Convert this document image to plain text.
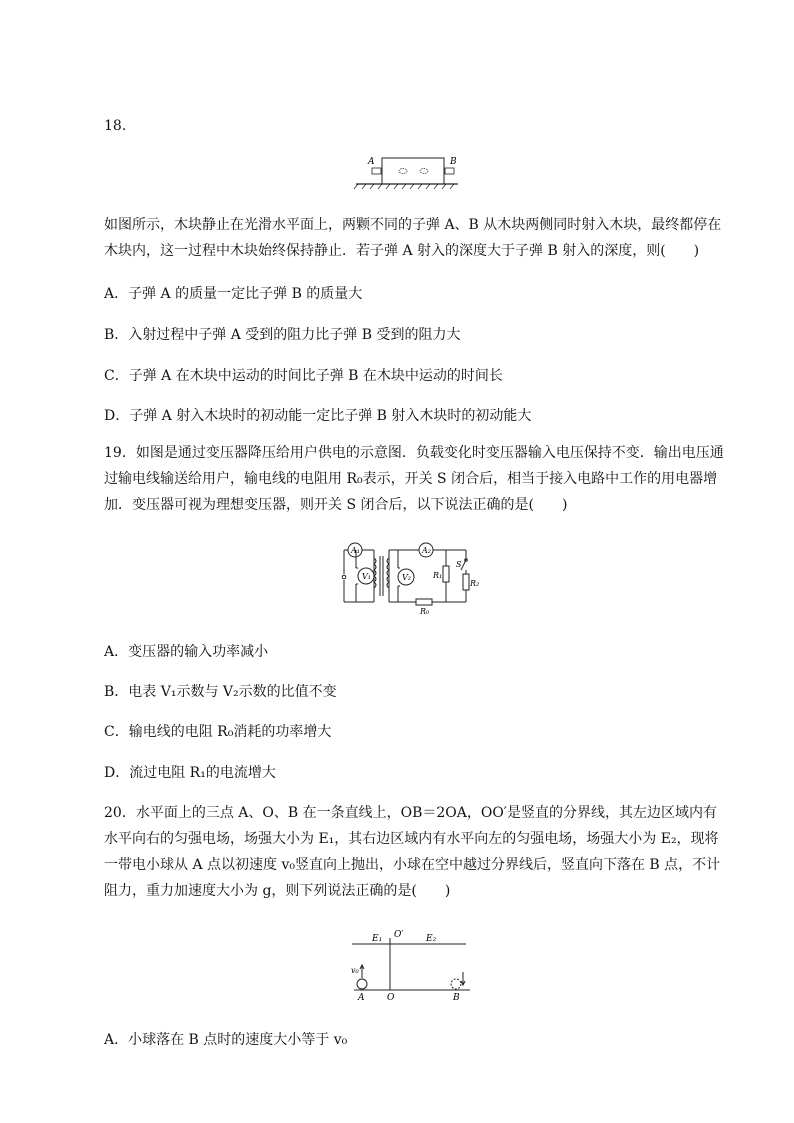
18.
A	B
如图所示，木块静止在光滑水平面上，两颗不同的子弹 A、B 从木块两侧同时射入木块，最终都停在木块内，这一过程中木块始终保持静止．若子弹 A 射入的深度大于子弹 B 射入的深度，则(　　)
A．子弹 A 的质量一定比子弹 B 的质量大
B．入射过程中子弹 A 受到的阻力比子弹 B 受到的阻力大
C．子弹 A 在木块中运动的时间比子弹 B 在木块中运动的时间长
D．子弹 A 射入木块时的初动能一定比子弹 B 射入木块时的初动能大
19．如图是通过变压器降压给用户供电的示意图．负载变化时变压器输入电压保持不变．输出电压通过输电线输送给用户，输电线的电阻用 R₀表示，开关 S 闭合后，相当于接入电路中工作的用电器增加．变压器可视为理想变压器，则开关 S 闭合后，以下说法正确的是(　　)
A₁	A₂
V₁	V₂	R₁
R₂
R₀
S
A．变压器的输入功率减小
B．电表 V₁示数与 V₂示数的比值不变
C．输电线的电阻 R₀消耗的功率增大
D．流过电阻 R₁的电流增大
20．水平面上的三点 A、O、B 在一条直线上，OB＝2OA，OO′是竖直的分界线，其左边区域内有水平向右的匀强电场，场强大小为 E₁，其右边区域内有水平向左的匀强电场，场强大小为 E₂，现将一带电小球从 A 点以初速度 v₀竖直向上抛出，小球在空中越过分界线后，竖直向下落在 B 点，不计阻力，重力加速度大小为 g，则下列说法正确的是(　　)
E₁ O′	E₂
v₀
A	O	B
A．小球落在 B 点时的速度大小等于 v₀
